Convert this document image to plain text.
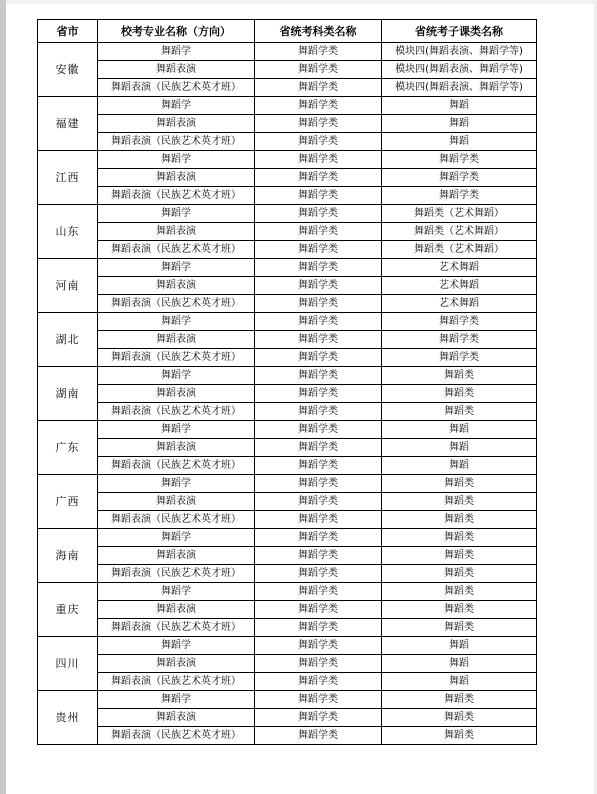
省市	校考专业名称（方向）	省统考科类名称	省统考子课类名称
安徽	舞蹈学	舞蹈学类	模块四(舞蹈表演、舞蹈学等)
	舞蹈表演	舞蹈学类	模块四(舞蹈表演、舞蹈学等)
	舞蹈表演（民族艺术英才班）	舞蹈学类	模块四(舞蹈表演、舞蹈学等)
福建	舞蹈学	舞蹈学类	舞蹈
	舞蹈表演	舞蹈学类	舞蹈
	舞蹈表演（民族艺术英才班）	舞蹈学类	舞蹈
江西	舞蹈学	舞蹈学类	舞蹈学类
	舞蹈表演	舞蹈学类	舞蹈学类
	舞蹈表演（民族艺术英才班）	舞蹈学类	舞蹈学类
山东	舞蹈学	舞蹈学类	舞蹈类（艺术舞蹈）
	舞蹈表演	舞蹈学类	舞蹈类（艺术舞蹈）
	舞蹈表演（民族艺术英才班）	舞蹈学类	舞蹈类（艺术舞蹈）
河南	舞蹈学	舞蹈学类	艺术舞蹈
	舞蹈表演	舞蹈学类	艺术舞蹈
	舞蹈表演（民族艺术英才班）	舞蹈学类	艺术舞蹈
湖北	舞蹈学	舞蹈学类	舞蹈学类
	舞蹈表演	舞蹈学类	舞蹈学类
	舞蹈表演（民族艺术英才班）	舞蹈学类	舞蹈学类
湖南	舞蹈学	舞蹈学类	舞蹈类
	舞蹈表演	舞蹈学类	舞蹈类
	舞蹈表演（民族艺术英才班）	舞蹈学类	舞蹈类
广东	舞蹈学	舞蹈学类	舞蹈
	舞蹈表演	舞蹈学类	舞蹈
	舞蹈表演（民族艺术英才班）	舞蹈学类	舞蹈
广西	舞蹈学	舞蹈学类	舞蹈类
	舞蹈表演	舞蹈学类	舞蹈类
	舞蹈表演（民族艺术英才班）	舞蹈学类	舞蹈类
海南	舞蹈学	舞蹈学类	舞蹈类
	舞蹈表演	舞蹈学类	舞蹈类
	舞蹈表演（民族艺术英才班）	舞蹈学类	舞蹈类
重庆	舞蹈学	舞蹈学类	舞蹈类
	舞蹈表演	舞蹈学类	舞蹈类
	舞蹈表演（民族艺术英才班）	舞蹈学类	舞蹈类
四川	舞蹈学	舞蹈学类	舞蹈
	舞蹈表演	舞蹈学类	舞蹈
	舞蹈表演（民族艺术英才班）	舞蹈学类	舞蹈
贵州	舞蹈学	舞蹈学类	舞蹈类
	舞蹈表演	舞蹈学类	舞蹈类
	舞蹈表演（民族艺术英才班）	舞蹈学类	舞蹈类
